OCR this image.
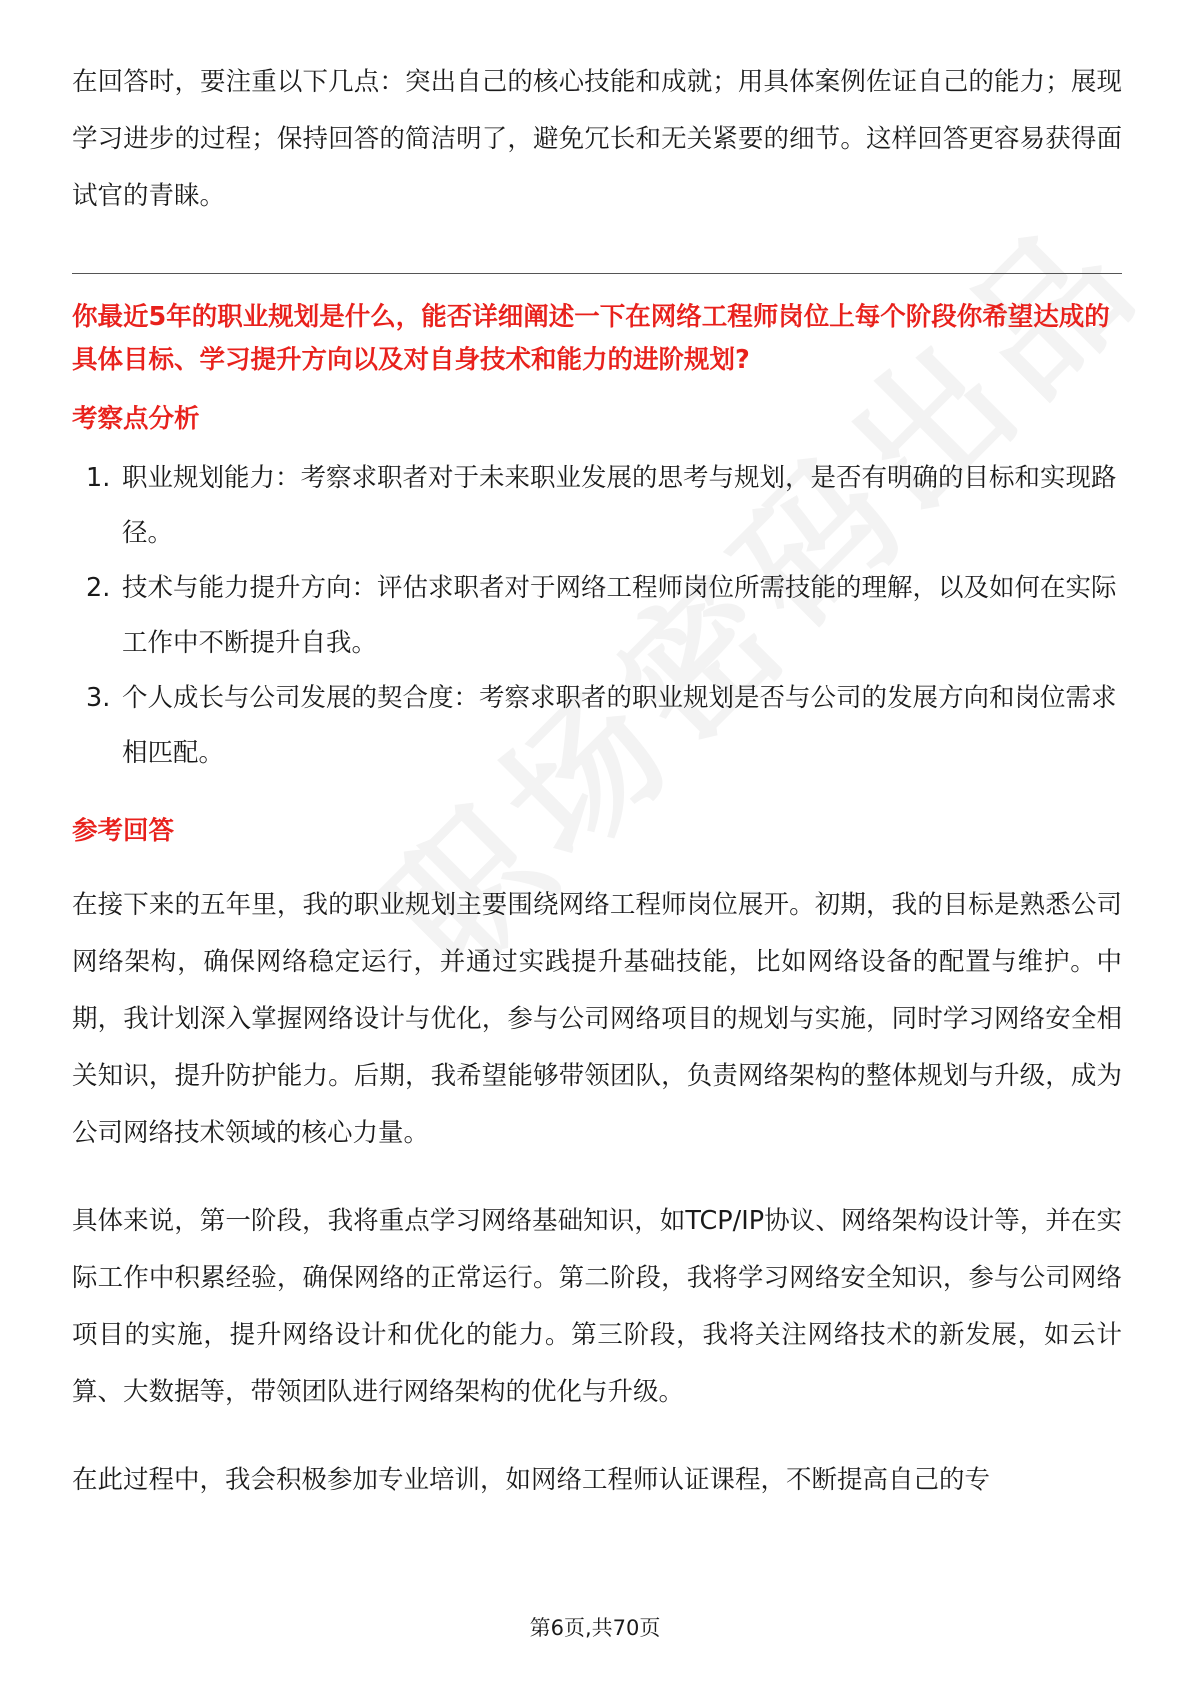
在回答时，要注重以下几点：突出自己的核心技能和成就；用具体案例佐证自己的能力；展现学习进步的过程；保持回答的简洁明了，避免冗长和无关紧要的细节。这样回答更容易获得面试官的青睐。

你最近5年的职业规划是什么，能否详细阐述一下在网络工程师岗位上每个阶段你希望达成的具体目标、学习提升方向以及对自身技术和能力的进阶规划?

考察点分析

1. 职业规划能力：考察求职者对于未来职业发展的思考与规划，是否有明确的目标和实现路径。
2. 技术与能力提升方向：评估求职者对于网络工程师岗位所需技能的理解，以及如何在实际工作中不断提升自我。
3. 个人成长与公司发展的契合度：考察求职者的职业规划是否与公司的发展方向和岗位需求相匹配。

参考回答

在接下来的五年里，我的职业规划主要围绕网络工程师岗位展开。初期，我的目标是熟悉公司网络架构，确保网络稳定运行，并通过实践提升基础技能，比如网络设备的配置与维护。中期，我计划深入掌握网络设计与优化，参与公司网络项目的规划与实施，同时学习网络安全相关知识，提升防护能力。后期，我希望能够带领团队，负责网络架构的整体规划与升级，成为公司网络技术领域的核心力量。

具体来说，第一阶段，我将重点学习网络基础知识，如TCP/IP协议、网络架构设计等，并在实际工作中积累经验，确保网络的正常运行。第二阶段，我将学习网络安全知识，参与公司网络项目的实施，提升网络设计和优化的能力。第三阶段，我将关注网络技术的新发展，如云计算、大数据等，带领团队进行网络架构的优化与升级。

在此过程中，我会积极参加专业培训，如网络工程师认证课程，不断提高自己的专

第6页,共70页
